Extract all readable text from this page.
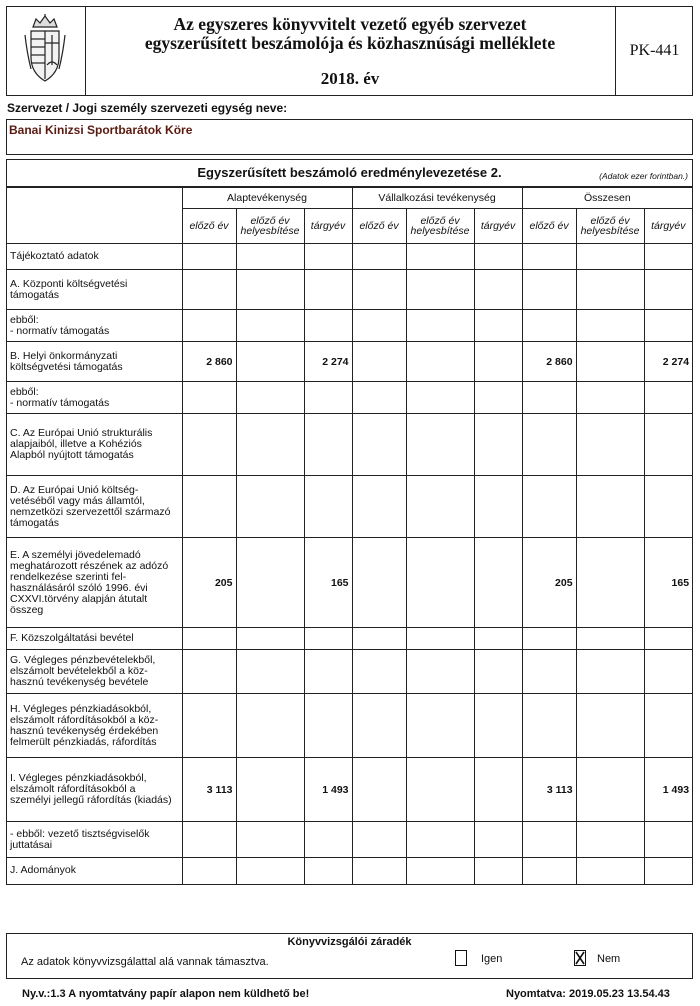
Az egyszeres könyvvitelt vezető egyéb szervezet
egyszerűsített beszámolója és közhasznúsági melléklete
2018. év
PK-441
Szervezet / Jogi személy szervezeti egység neve:
Banai Kinizsi Sportbarátok Köre
Egyszerűsített beszámoló eredménylevezetése 2.	(Adatok ezer forintban.)
	Alaptevékenység			Vállalkozási tevékenység			Összesen		
	előző év	előző év helyesbítése	tárgyév	előző év	előző év helyesbítése	tárgyév	előző év	előző év helyesbítése	tárgyév
Tájékoztató adatok									
A. Központi költségvetési támogatás									
ebből:
- normatív támogatás									
B. Helyi önkormányzati költségvetési támogatás	2 860		2 274				2 860		2 274
ebből:
- normatív támogatás									
C. Az Európai Unió strukturális alapjaiból, illetve a Kohéziós Alapból nyújtott támogatás									
D. Az Európai Unió költség-vetéséből vagy más államtól, nemzetközi szervezettől származó támogatás									
E. A személyi jövedelemadó meghatározott részének az adózó rendelkezése szerinti fel-használásáról szóló 1996. évi CXXVI.törvény alapján átutalt összeg	205		165				205		165
F. Közszolgáltatási bevétel									
G. Végleges pénzbevételekből, elszámolt bevételekből a köz-hasznú tevékenység bevétele									
H. Végleges pénzkiadásokból, elszámolt ráfordításokból a köz-hasznú tevékenység érdekében felmerült pénzkiadás, ráfordítás									
I. Végleges pénzkiadásokból, elszámolt ráfordításokból a személyi jellegű ráfordítás (kiadás)	3 113		1 493				3 113		1 493
- ebből: vezető tisztségviselők juttatásai									
J. Adományok									
Könyvvizsgálói záradék
Az adatok könyvvizsgálattal alá vannak támasztva.	Igen	Nem
Ny.v.:1.3 A nyomtatvány papír alapon nem küldhető be!	Nyomtatva: 2019.05.23 13.54.43
